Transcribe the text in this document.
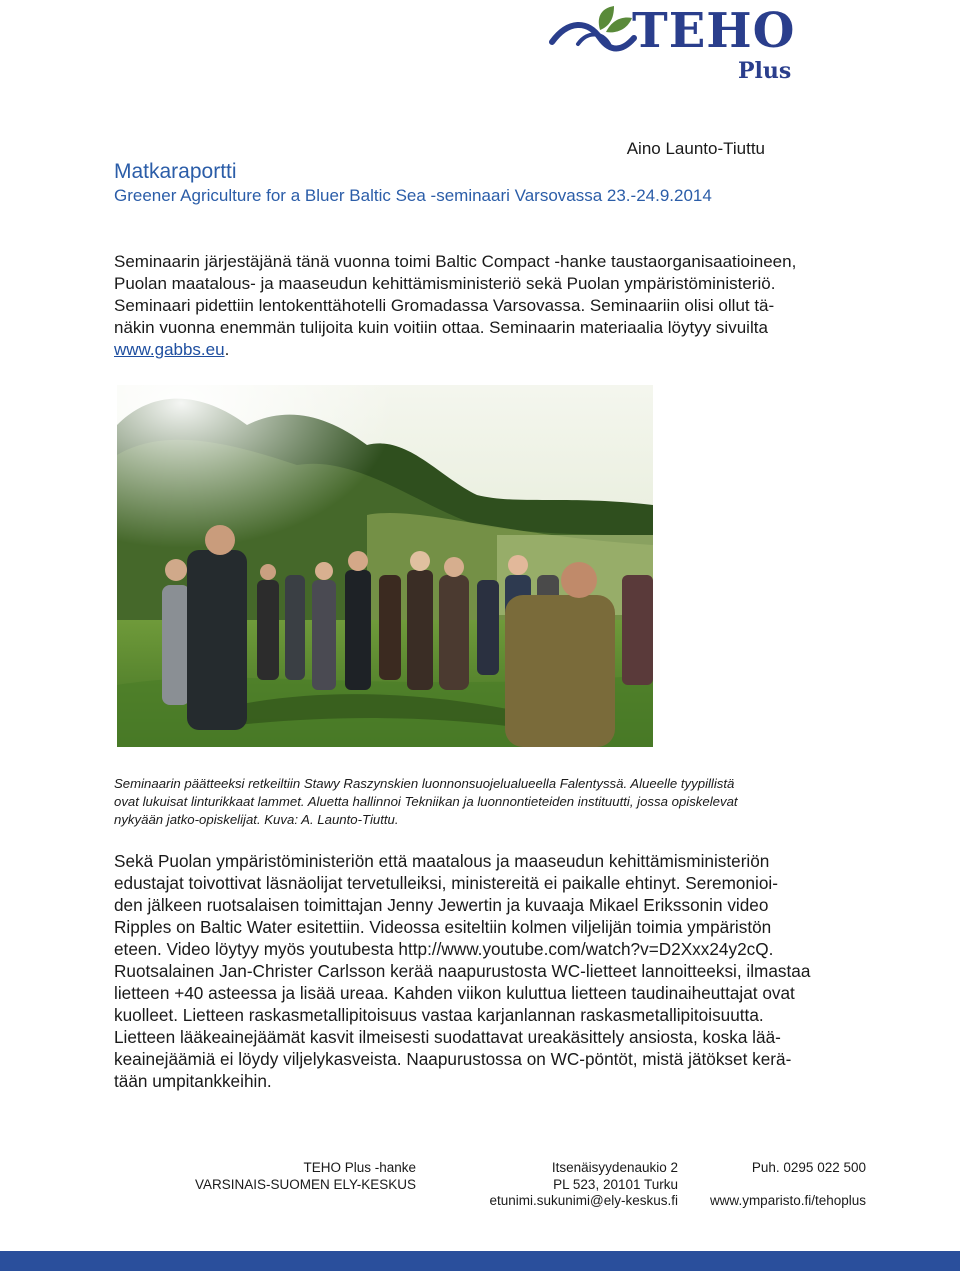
TEHO
Plus
Aino Launto-Tiuttu
Matkaraportti
Greener Agriculture for a Bluer Baltic Sea -seminaari Varsovassa 23.-24.9.2014
Seminaarin järjestäjänä tänä vuonna toimi Baltic Compact -hanke taustaorganisaatioineen,
Puolan maatalous- ja maaseudun kehittämisministeriö sekä Puolan ympäristöministeriö.
Seminaari pidettiin lentokenttähotelli Gromadassa Varsovassa. Seminaariin olisi ollut tä-
näkin vuonna enemmän tulijoita kuin voitiin ottaa. Seminaarin materiaalia löytyy sivuilta
www.gabbs.eu.
Seminaarin päätteeksi retkeiltiin Stawy Raszynskien luonnonsuojelualueella Falentyssä. Alueelle tyypillistä
ovat lukuisat linturikkaat lammet. Aluetta hallinnoi Tekniikan ja luonnontieteiden instituutti, jossa opiskelevat
nykyään jatko-opiskelijat. Kuva: A. Launto-Tiuttu.
Sekä Puolan ympäristöministeriön että maatalous ja maaseudun kehittämisministeriön
edustajat toivottivat läsnäolijat tervetulleiksi, ministereitä ei paikalle ehtinyt. Seremonioi-
den jälkeen ruotsalaisen toimittajan Jenny Jewertin ja kuvaaja Mikael Erikssonin video
Ripples on Baltic Water esitettiin. Videossa esiteltiin kolmen viljelijän toimia ympäristön
eteen. Video löytyy myös youtubesta http://www.youtube.com/watch?v=D2Xxx24y2cQ.
Ruotsalainen Jan-Christer Carlsson kerää naapurustosta WC-lietteet lannoitteeksi, ilmastaa
lietteen +40 asteessa ja lisää ureaa. Kahden viikon kuluttua lietteen taudinaiheuttajat ovat
kuolleet. Lietteen raskasmetallipitoisuus vastaa karjanlannan raskasmetallipitoisuutta.
Lietteen lääkeainejäämät kasvit ilmeisesti suodattavat ureakäsittely ansiosta, koska lää-
keainejäämiä ei löydy viljelykasveista. Naapurustossa on WC-pöntöt, mistä jätökset kerä-
tään umpitankkeihin.
TEHO Plus -hanke
VARSINAIS-SUOMEN ELY-KESKUS
Itsenäisyydenaukio 2
PL 523, 20101 Turku
etunimi.sukunimi@ely-keskus.fi
Puh. 0295 022 500

www.ymparisto.fi/tehoplus
